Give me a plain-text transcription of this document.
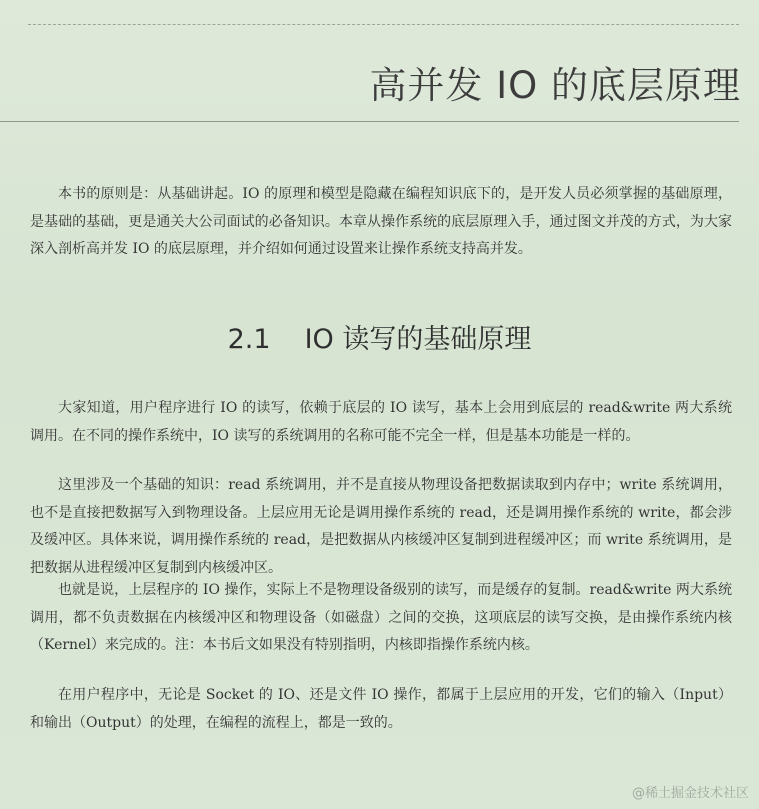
高并发 IO 的底层原理

本书的原则是：从基础讲起。IO 的原理和模型是隐藏在编程知识底下的，是开发人员必须掌握的基础原理，是基础的基础，更是通关大公司面试的必备知识。本章从操作系统的底层原理入手，通过图文并茂的方式，为大家深入剖析高并发 IO 的底层原理，并介绍如何通过设置来让操作系统支持高并发。

2.1 IO 读写的基础原理

大家知道，用户程序进行 IO 的读写，依赖于底层的 IO 读写，基本上会用到底层的 read&write 两大系统调用。在不同的操作系统中，IO 读写的系统调用的名称可能不完全一样，但是基本功能是一样的。

这里涉及一个基础的知识：read 系统调用，并不是直接从物理设备把数据读取到内存中；write 系统调用，也不是直接把数据写入到物理设备。上层应用无论是调用操作系统的 read，还是调用操作系统的 write，都会涉及缓冲区。具体来说，调用操作系统的 read，是把数据从内核缓冲区复制到进程缓冲区；而 write 系统调用，是把数据从进程缓冲区复制到内核缓冲区。

也就是说，上层程序的 IO 操作，实际上不是物理设备级别的读写，而是缓存的复制。read&write 两大系统调用，都不负责数据在内核缓冲区和物理设备（如磁盘）之间的交换，这项底层的读写交换，是由操作系统内核（Kernel）来完成的。注：本书后文如果没有特别指明，内核即指操作系统内核。

在用户程序中，无论是 Socket 的 IO、还是文件 IO 操作，都属于上层应用的开发，它们的输入（Input）和输出（Output）的处理，在编程的流程上，都是一致的。

@稀土掘金技术社区
